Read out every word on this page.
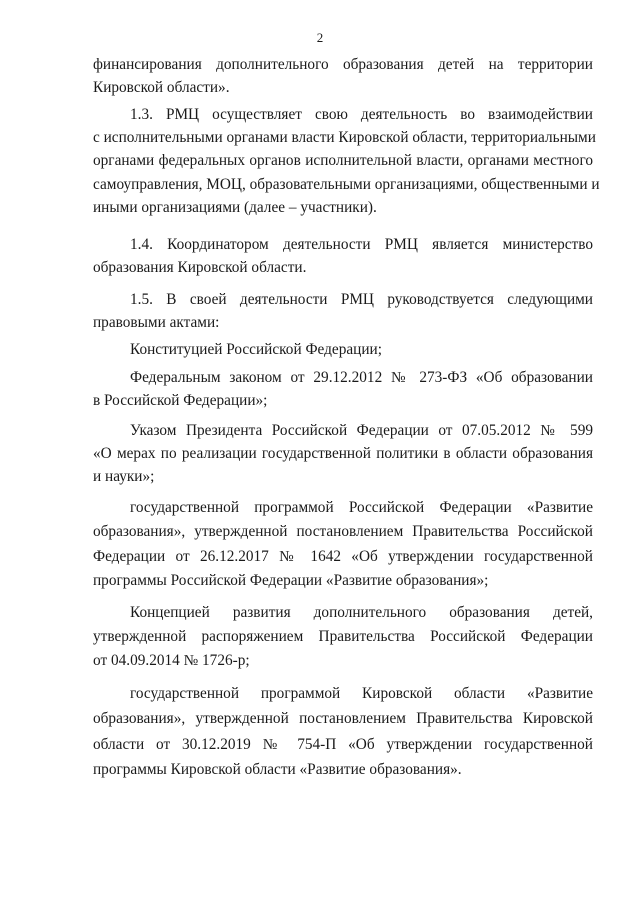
2
финансирования дополнительного образования детей на территории
Кировской области».
1.3. РМЦ осуществляет свою деятельность во взаимодействии
с исполнительными органами власти Кировской области, территориальными
органами федеральных органов исполнительной власти, органами местного
самоуправления, МОЦ, образовательными организациями, общественными и
иными организациями (далее – участники).
1.4. Координатором деятельности РМЦ является министерство
образования Кировской области.
1.5. В своей деятельности РМЦ руководствуется следующими
правовыми актами:
Конституцией Российской Федерации;
Федеральным законом от 29.12.2012 № 273-ФЗ «Об образовании
в Российской Федерации»;
Указом Президента Российской Федерации от 07.05.2012 № 599
«О мерах по реализации государственной политики в области образования
и науки»;
государственной программой Российской Федерации «Развитие
образования», утвержденной постановлением Правительства Российской
Федерации от 26.12.2017 № 1642 «Об утверждении государственной
программы Российской Федерации «Развитие образования»;
Концепцией развития дополнительного образования детей,
утвержденной распоряжением Правительства Российской Федерации
от 04.09.2014 № 1726-р;
государственной программой Кировской области «Развитие
образования», утвержденной постановлением Правительства Кировской
области от 30.12.2019 № 754-П «Об утверждении государственной
программы Кировской области «Развитие образования».
